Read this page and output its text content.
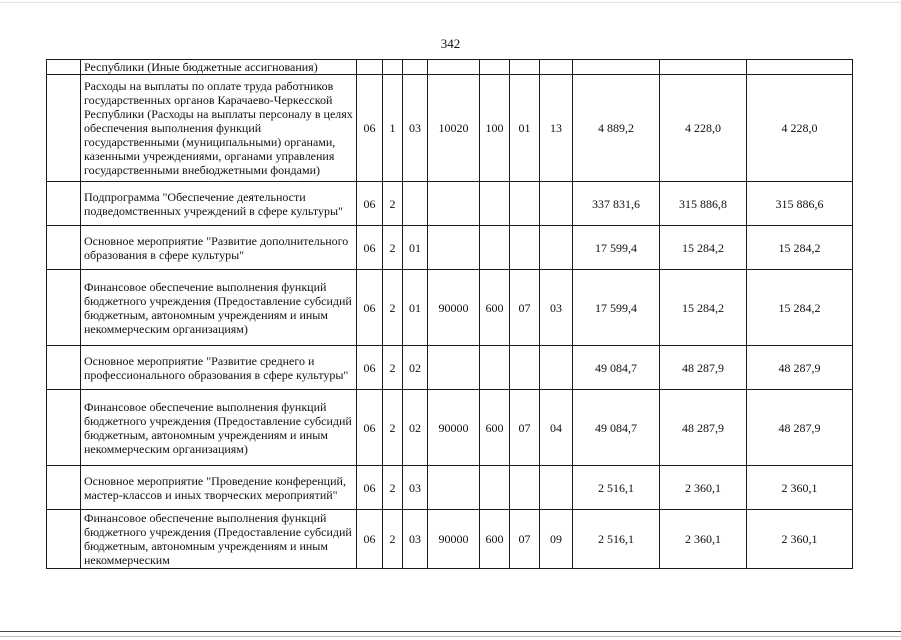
342
	Республики (Иные бюджетные ассигнования)										
	Расходы на выплаты по оплате труда работников государственных органов Карачаево-Черкесской Республики (Расходы на выплаты персоналу в целях обеспечения выполнения функций государственными (муниципальными) органами, казенными учреждениями, органами управления государственными внебюджетными фондами)	06	1	03	10020	100	01	13	4 889,2	4 228,0	4 228,0
	Подпрограмма "Обеспечение деятельности подведомственных учреждений в сфере культуры"	06	2						337 831,6	315 886,8	315 886,6
	Основное мероприятие "Развитие дополнительного образования в сфере культуры"	06	2	01					17 599,4	15 284,2	15 284,2
	Финансовое обеспечение выполнения функций бюджетного учреждения (Предоставление субсидий бюджетным, автономным учреждениям и иным некоммерческим организациям)	06	2	01	90000	600	07	03	17 599,4	15 284,2	15 284,2
	Основное мероприятие "Развитие среднего и профессионального образования в сфере культуры"	06	2	02					49 084,7	48 287,9	48 287,9
	Финансовое обеспечение выполнения функций бюджетного учреждения (Предоставление субсидий бюджетным, автономным учреждениям и иным некоммерческим организациям)	06	2	02	90000	600	07	04	49 084,7	48 287,9	48 287,9
	Основное мероприятие "Проведение конференций, мастер-классов и иных творческих мероприятий"	06	2	03					2 516,1	2 360,1	2 360,1
	Финансовое обеспечение выполнения функций бюджетного учреждения (Предоставление субсидий бюджетным, автономным учреждениям и иным некоммерческим	06	2	03	90000	600	07	09	2 516,1	2 360,1	2 360,1
